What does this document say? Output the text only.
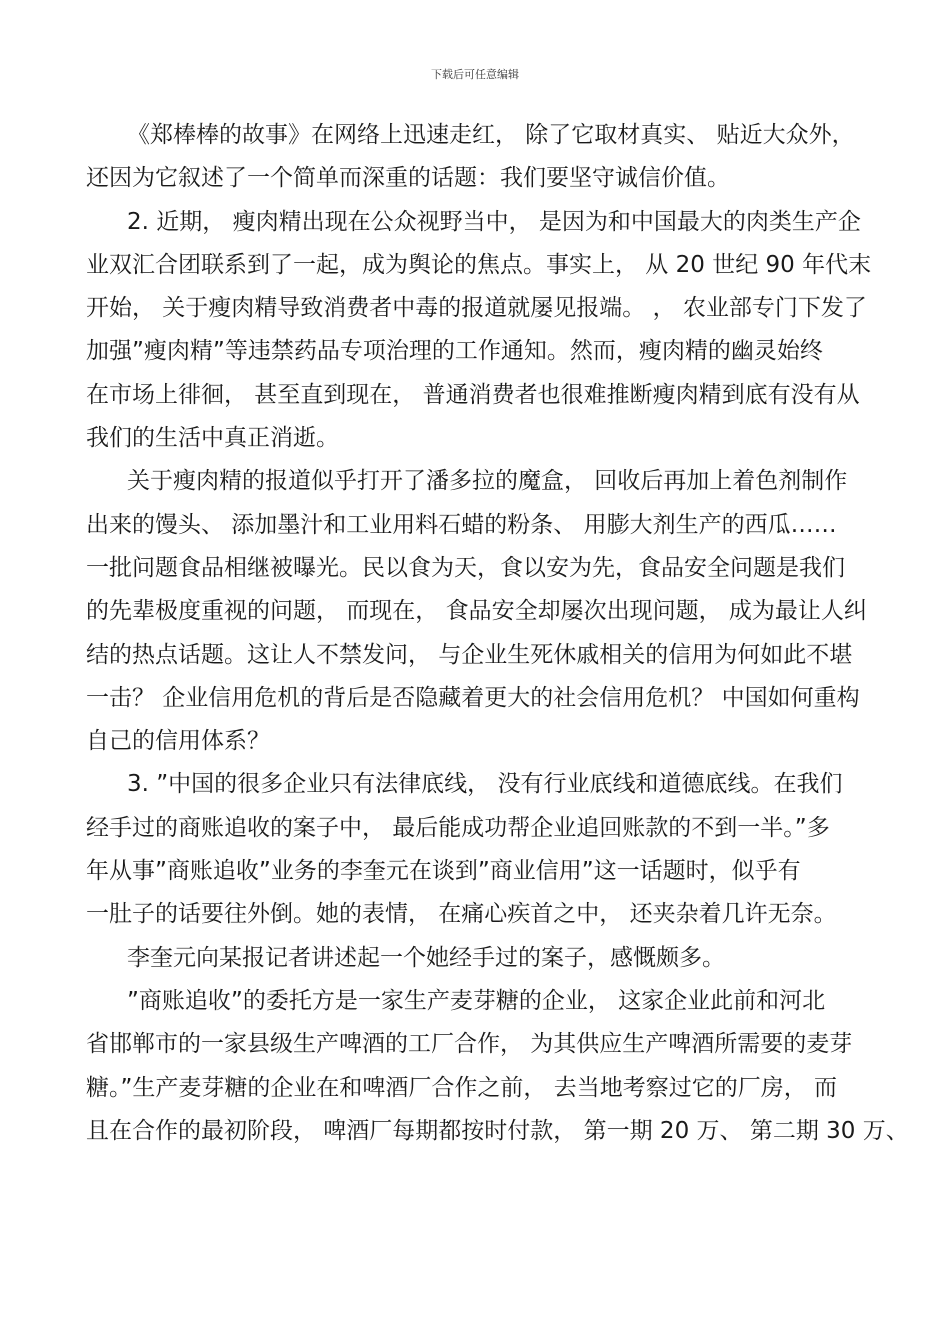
下载后可任意编辑
《郑棒棒的故事》在网络上迅速走红， 除了它取材真实、 贴近大众外，
还因为它叙述了一个简单而深重的话题：我们要坚守诚信价值。
2. 近期， 瘦肉精出现在公众视野当中， 是因为和中国最大的肉类生产企
业双汇合团联系到了一起，成为舆论的焦点。事实上， 从 20 世纪 90 年代末
开始， 关于瘦肉精导致消费者中毒的报道就屡见报端。 ， 农业部专门下发了
加强”瘦肉精”等违禁药品专项治理的工作通知。然而，瘦肉精的幽灵始终
在市场上徘徊， 甚至直到现在， 普通消费者也很难推断瘦肉精到底有没有从
我们的生活中真正消逝。
关于瘦肉精的报道似乎打开了潘多拉的魔盒， 回收后再加上着色剂制作
出来的馒头、 添加墨汁和工业用料石蜡的粉条、 用膨大剂生产的西瓜……
一批问题食品相继被曝光。民以食为天，食以安为先，食品安全问题是我们
的先辈极度重视的问题， 而现在， 食品安全却屡次出现问题， 成为最让人纠
结的热点话题。这让人不禁发问， 与企业生死休戚相关的信用为何如此不堪
一击？ 企业信用危机的背后是否隐藏着更大的社会信用危机？ 中国如何重构
自己的信用体系？
3. ”中国的很多企业只有法律底线， 没有行业底线和道德底线。在我们
经手过的商账追收的案子中， 最后能成功帮企业追回账款的不到一半。”多
年从事”商账追收”业务的李奎元在谈到”商业信用”这一话题时，似乎有
一肚子的话要往外倒。她的表情， 在痛心疾首之中， 还夹杂着几许无奈。
李奎元向某报记者讲述起一个她经手过的案子，感慨颇多。
”商账追收”的委托方是一家生产麦芽糖的企业， 这家企业此前和河北
省邯郸市的一家县级生产啤酒的工厂合作， 为其供应生产啤酒所需要的麦芽
糖。”生产麦芽糖的企业在和啤酒厂合作之前， 去当地考察过它的厂房， 而
且在合作的最初阶段， 啤酒厂每期都按时付款， 第一期 20 万、 第二期 30 万、
